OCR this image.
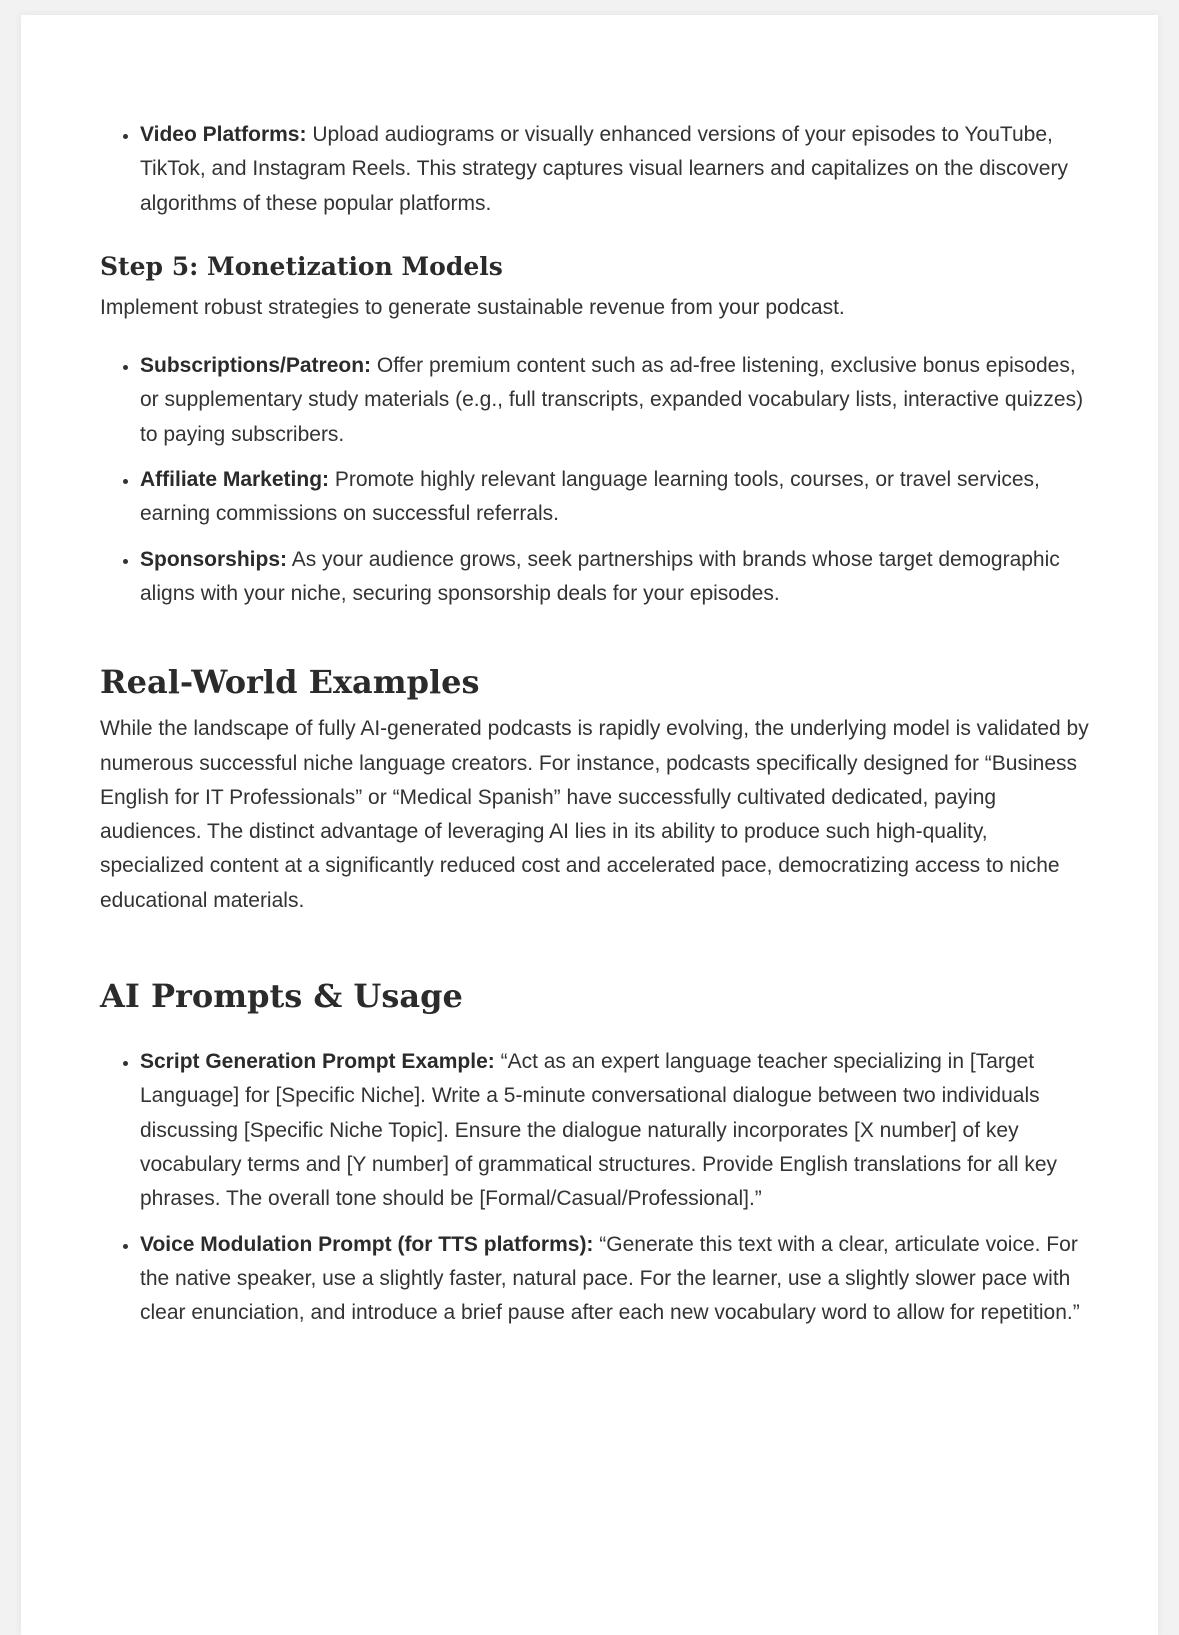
• Video Platforms: Upload audiograms or visually enhanced versions of your episodes to YouTube, TikTok, and Instagram Reels. This strategy captures visual learners and capitalizes on the discovery algorithms of these popular platforms.
Step 5: Monetization Models

Implement robust strategies to generate sustainable revenue from your podcast.

• Subscriptions/Patreon: Offer premium content such as ad-free listening, exclusive bonus episodes, or supplementary study materials (e.g., full transcripts, expanded vocabulary lists, interactive quizzes) to paying subscribers.
• Affiliate Marketing: Promote highly relevant language learning tools, courses, or travel services, earning commissions on successful referrals.
• Sponsorships: As your audience grows, seek partnerships with brands whose target demographic aligns with your niche, securing sponsorship deals for your episodes.
Real-World Examples

While the landscape of fully AI-generated podcasts is rapidly evolving, the underlying model is validated by numerous successful niche language creators. For instance, podcasts specifically designed for “Business English for IT Professionals” or “Medical Spanish” have successfully cultivated dedicated, paying audiences. The distinct advantage of leveraging AI lies in its ability to produce such high-quality, specialized content at a significantly reduced cost and accelerated pace, democratizing access to niche educational materials.

AI Prompts & Usage
• Script Generation Prompt Example: “Act as an expert language teacher specializing in [Target Language] for [Specific Niche]. Write a 5-minute conversational dialogue between two individuals discussing [Specific Niche Topic]. Ensure the dialogue naturally incorporates [X number] of key vocabulary terms and [Y number] of grammatical structures. Provide English translations for all key phrases. The overall tone should be [Formal/Casual/Professional].”
• Voice Modulation Prompt (for TTS platforms): “Generate this text with a clear, articulate voice. For the native speaker, use a slightly faster, natural pace. For the learner, use a slightly slower pace with clear enunciation, and introduce a brief pause after each new vocabulary word to allow for repetition.”
